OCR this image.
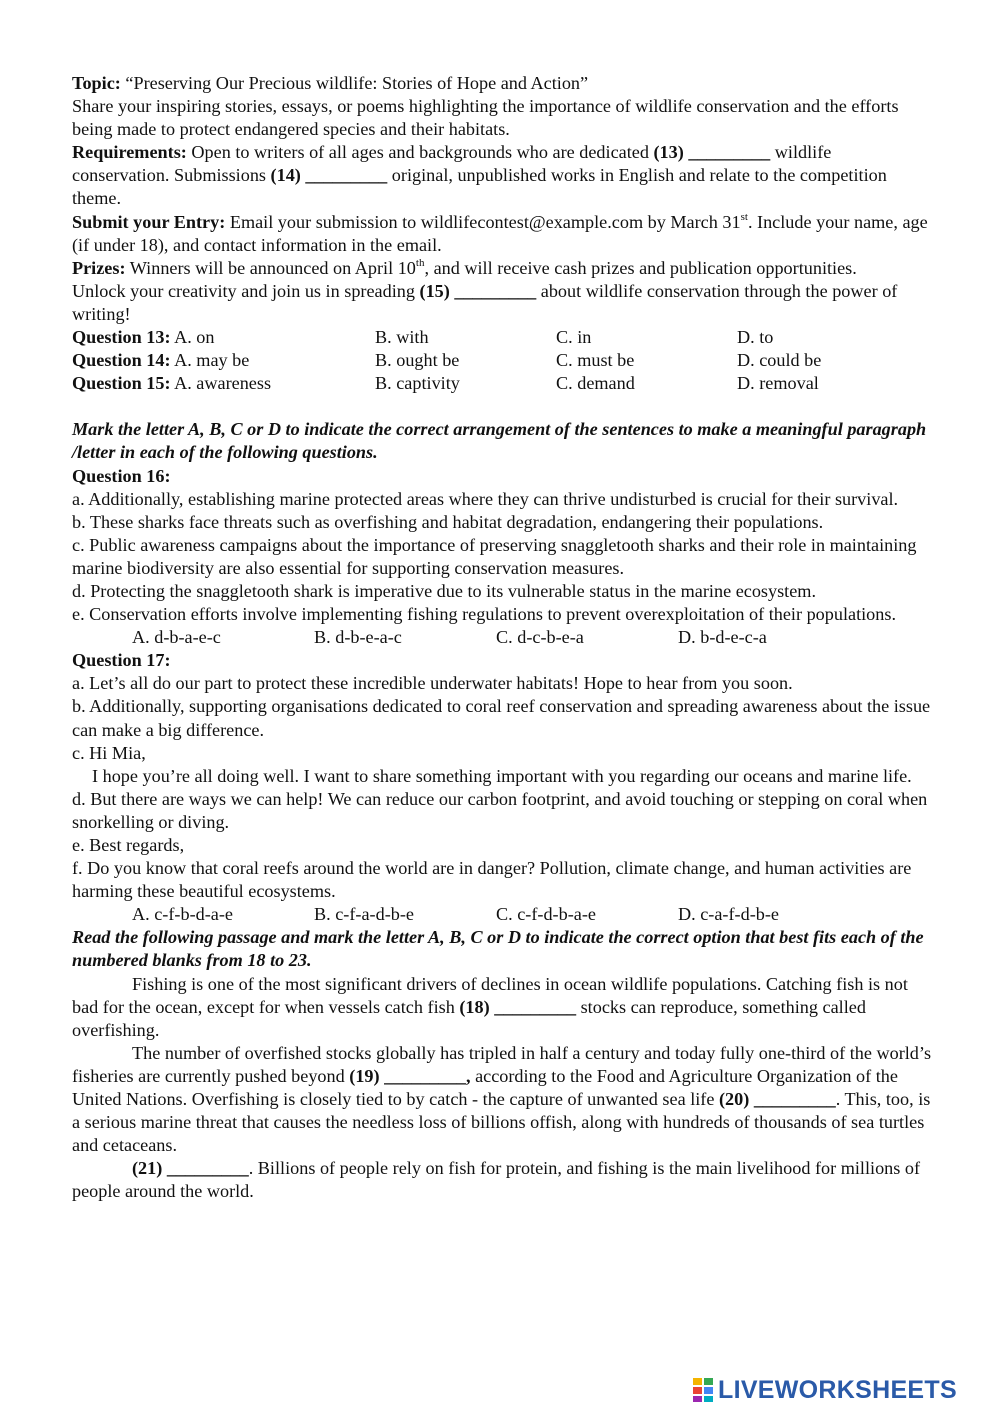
Topic: “Preserving Our Precious wildlife: Stories of Hope and Action”

Share your inspiring stories, essays, or poems highlighting the importance of wildlife conservation and the efforts being made to protect endangered species and their habitats.

Requirements: Open to writers of all ages and backgrounds who are dedicated (13) _________ wildlife conservation. Submissions (14) _________ original, unpublished works in English and relate to the competition theme.

Submit your Entry: Email your submission to wildlifecontest@example.com by March 31st. Include your name, age (if under 18), and contact information in the email.

Prizes: Winners will be announced on April 10th, and will receive cash prizes and publication opportunities.

Unlock your creativity and join us in spreading (15) _________ about wildlife conservation through the power of writing!

Question 13: A. on	B. with	C. in	D. to
Question 14: A. may be	B. ought be	C. must be	D. could be
Question 15: A. awareness	B. captivity	C. demand	D. removal

Mark the letter A, B, C or D to indicate the correct arrangement of the sentences to make a meaningful paragraph /letter in each of the following questions.

Question 16:

a. Additionally, establishing marine protected areas where they can thrive undisturbed is crucial for their survival.

b. These sharks face threats such as overfishing and habitat degradation, endangering their populations.

c. Public awareness campaigns about the importance of preserving snaggletooth sharks and their role in maintaining marine biodiversity are also essential for supporting conservation measures.

d. Protecting the snaggletooth shark is imperative due to its vulnerable status in the marine ecosystem.

e. Conservation efforts involve implementing fishing regulations to prevent overexploitation of their populations.

A. d-b-a-e-c	B. d-b-e-a-c	C. d-c-b-e-a	D. b-d-e-c-a

Question 17:

a. Let’s all do our part to protect these incredible underwater habitats! Hope to hear from you soon.

b. Additionally, supporting organisations dedicated to coral reef conservation and spreading awareness about the issue can make a big difference.

c. Hi Mia,

I hope you’re all doing well. I want to share something important with you regarding our oceans and marine life.

d. But there are ways we can help! We can reduce our carbon footprint, and avoid touching or stepping on coral when snorkelling or diving.

e. Best regards,

f. Do you know that coral reefs around the world are in danger? Pollution, climate change, and human activities are harming these beautiful ecosystems.

A. c-f-b-d-a-e	B. c-f-a-d-b-e	C. c-f-d-b-a-e	D. c-a-f-d-b-e

Read the following passage and mark the letter A, B, C or D to indicate the correct option that best fits each of the numbered blanks from 18 to 23.

Fishing is one of the most significant drivers of declines in ocean wildlife populations. Catching fish is not bad for the ocean, except for when vessels catch fish (18) _________ stocks can reproduce, something called overfishing.

The number of overfished stocks globally has tripled in half a century and today fully one-third of the world’s fisheries are currently pushed beyond (19) _________, according to the Food and Agriculture Organization of the United Nations. Overfishing is closely tied to by catch - the capture of unwanted sea life (20) _________. This, too, is a serious marine threat that causes the needless loss of billions offish, along with hundreds of thousands of sea turtles and cetaceans.

(21) _________. Billions of people rely on fish for protein, and fishing is the main livelihood for millions of people around the world.

LIVEWORKSHEETS
